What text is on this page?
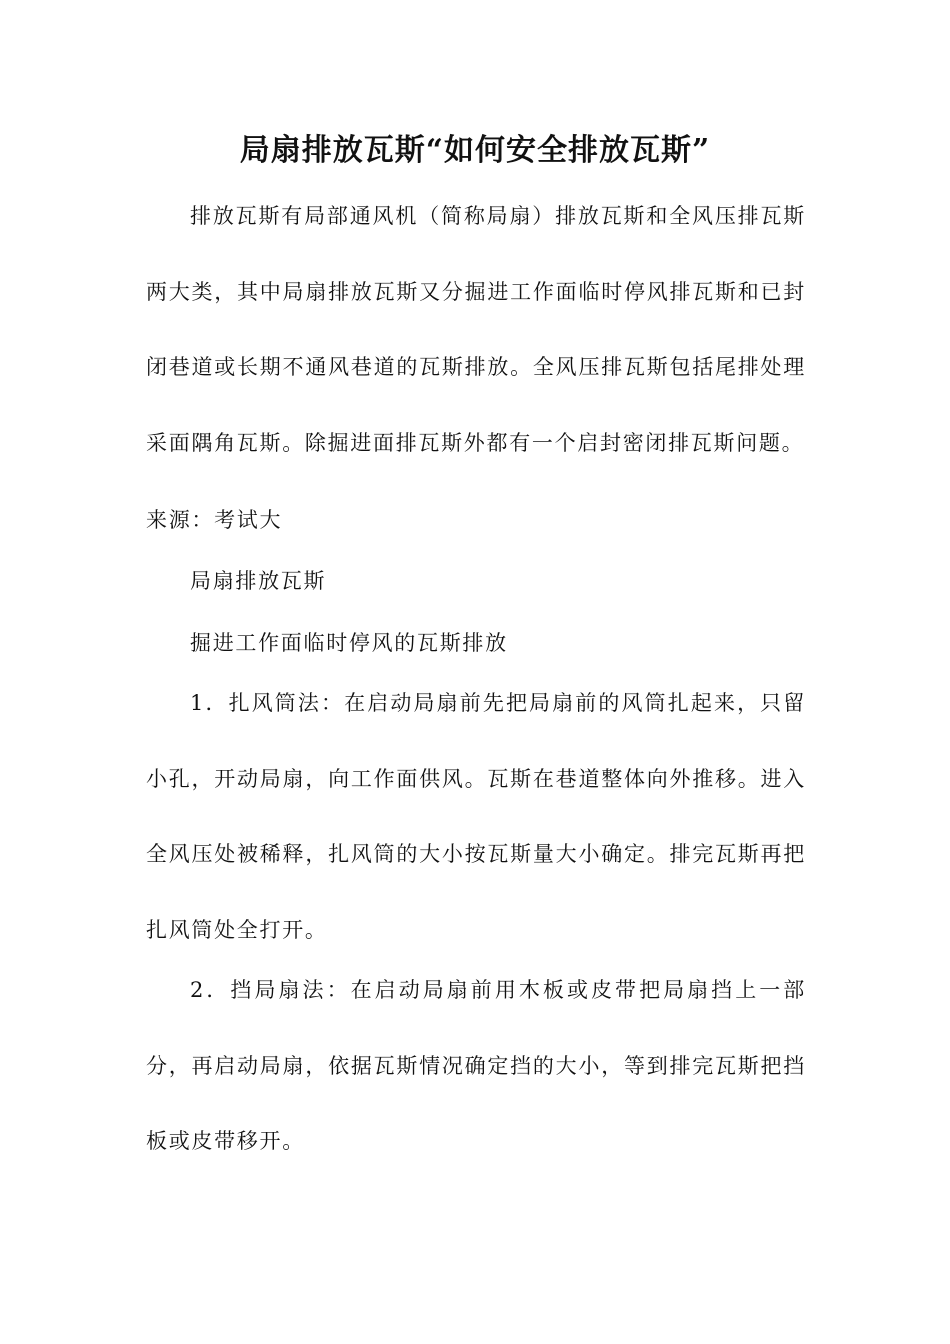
局扇排放瓦斯“如何安全排放瓦斯”

排放瓦斯有局部通风机（简称局扇）排放瓦斯和全风压排瓦斯两大类，其中局扇排放瓦斯又分掘进工作面临时停风排瓦斯和已封闭巷道或长期不通风巷道的瓦斯排放。全风压排瓦斯包括尾排处理采面隅角瓦斯。除掘进面排瓦斯外都有一个启封密闭排瓦斯问题。

来源：考试大

局扇排放瓦斯

掘进工作面临时停风的瓦斯排放

1．扎风筒法：在启动局扇前先把局扇前的风筒扎起来，只留小孔，开动局扇，向工作面供风。瓦斯在巷道整体向外推移。进入全风压处被稀释，扎风筒的大小按瓦斯量大小确定。排完瓦斯再把扎风筒处全打开。

2．挡局扇法：在启动局扇前用木板或皮带把局扇挡上一部分，再启动局扇，依据瓦斯情况确定挡的大小，等到排完瓦斯把挡板或皮带移开。
